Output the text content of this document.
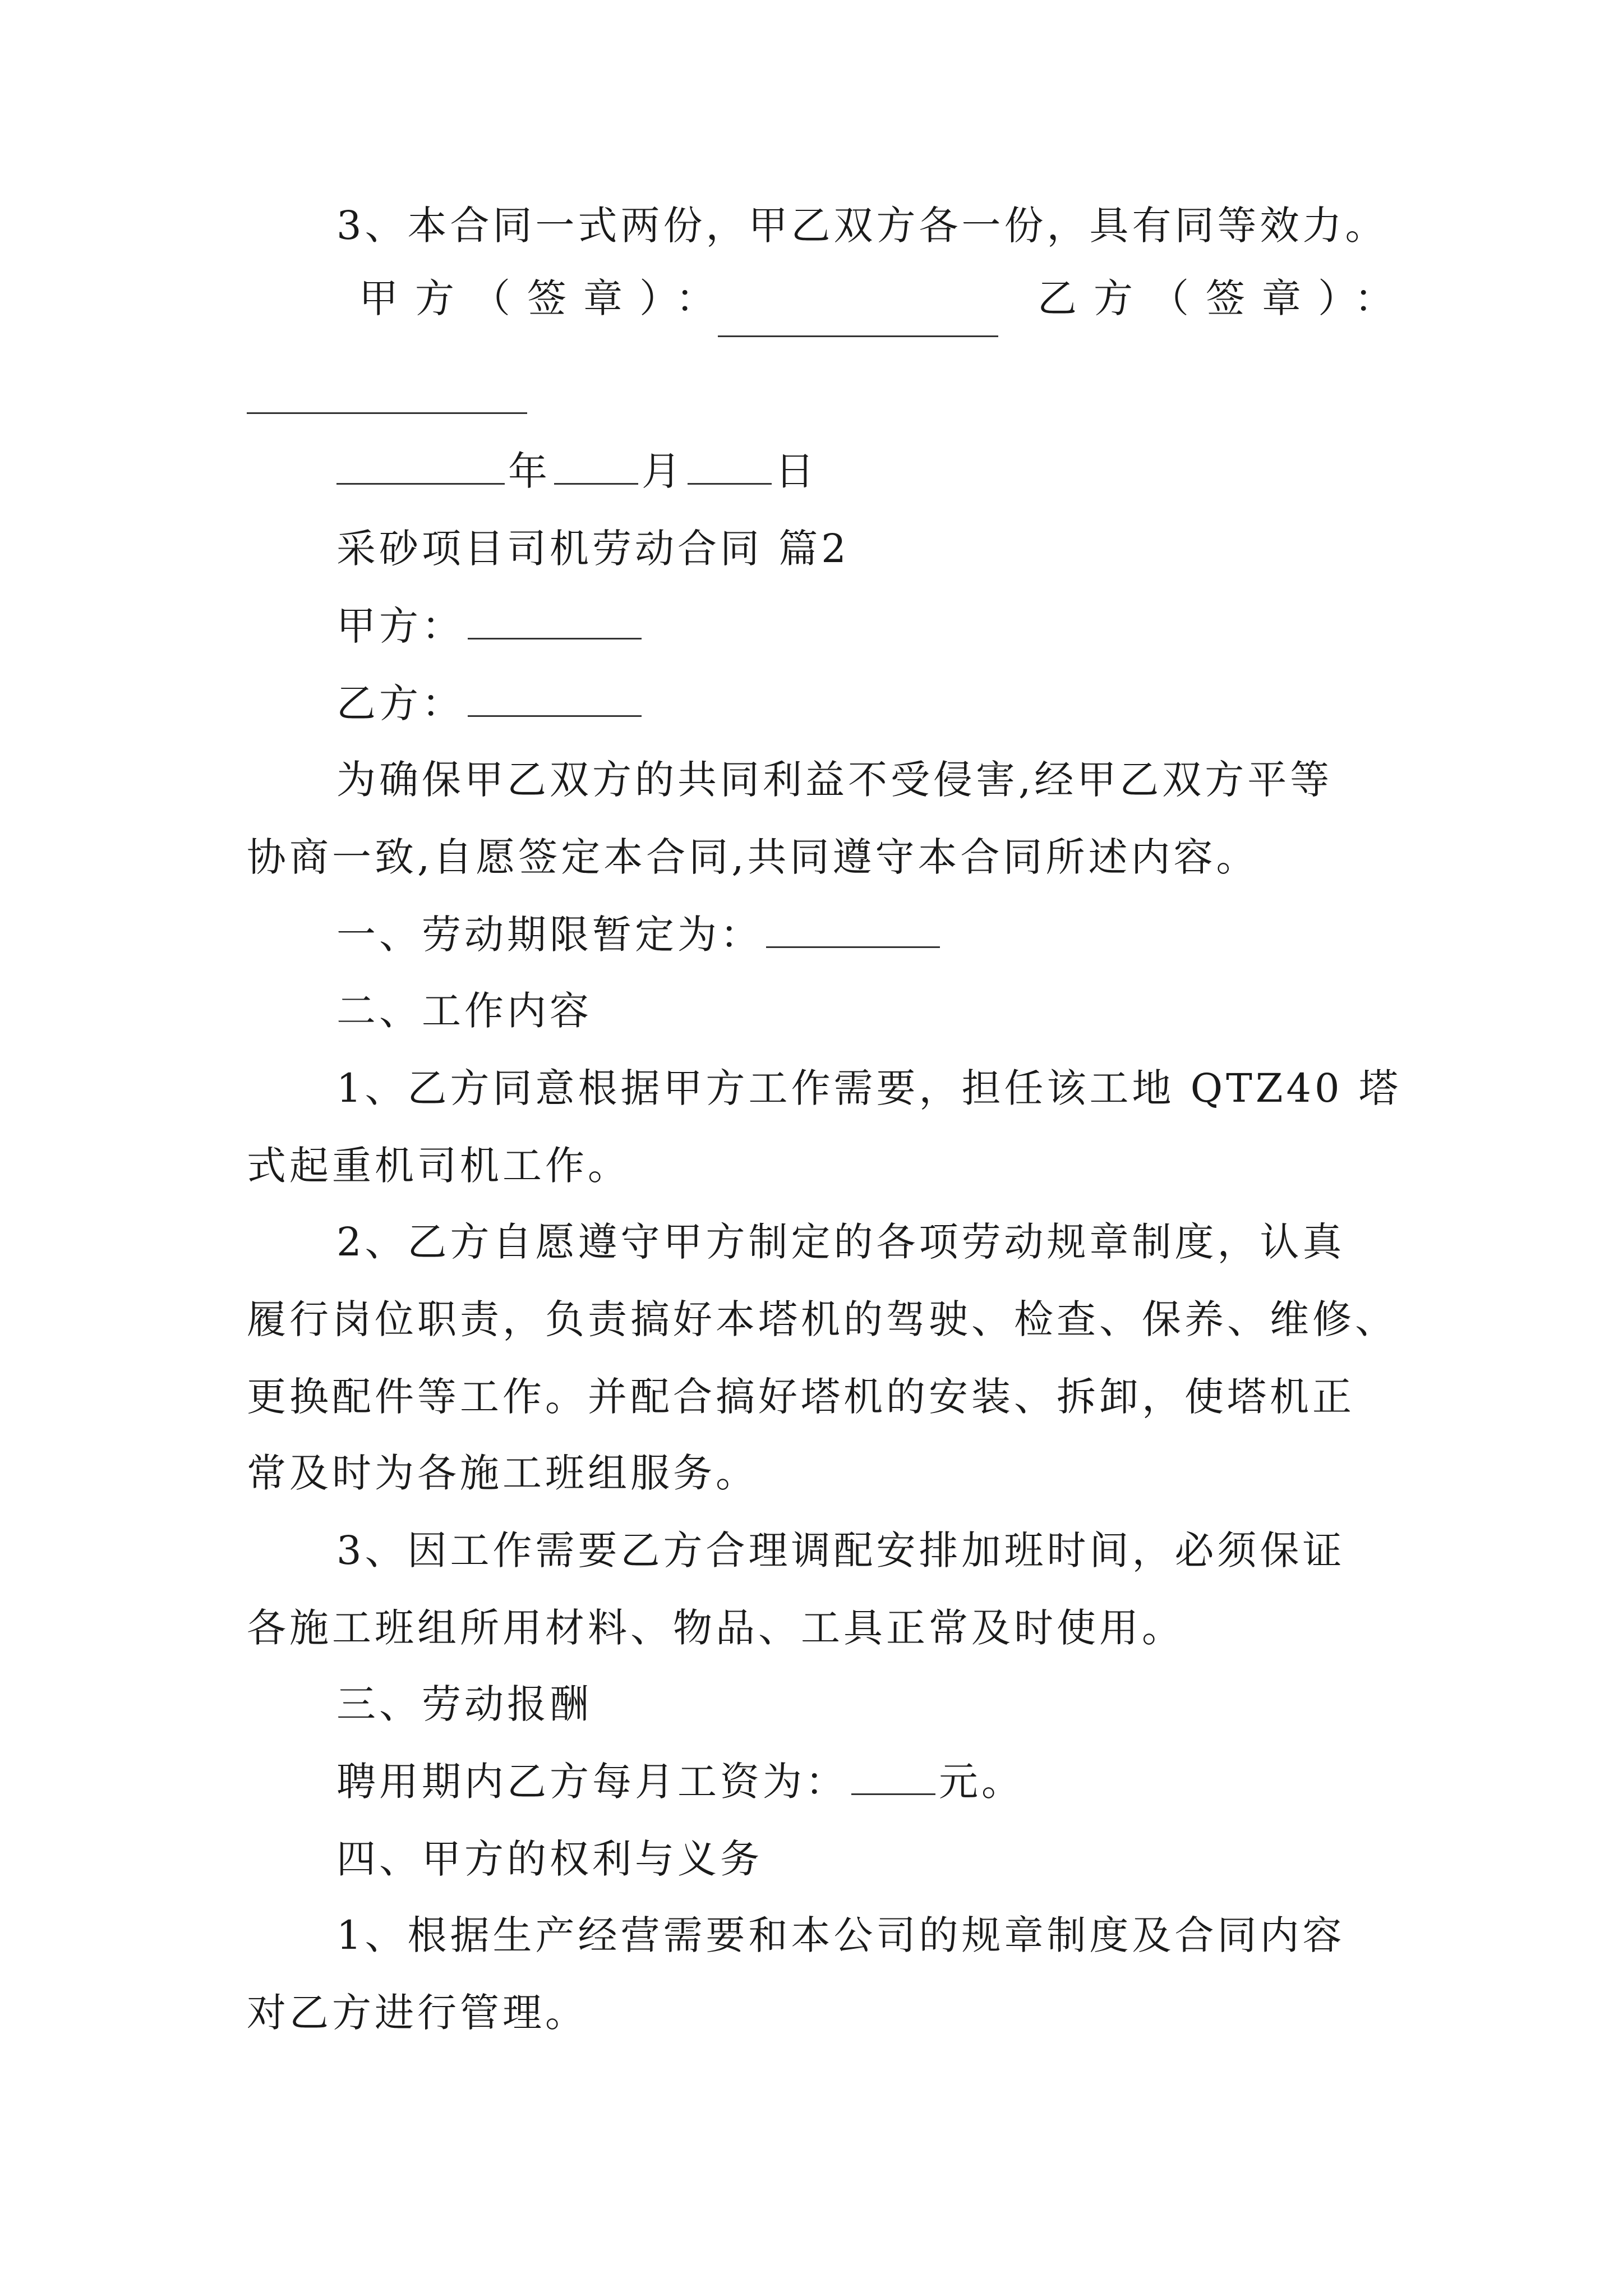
3、本合同一式两份，甲乙双方各一份，具有同等效力。
甲方（签章）：	乙方（签章）：
年 月 日
采砂项目司机劳动合同 篇2
甲方：
乙方：
为确保甲乙双方的共同利益不受侵害,经甲乙双方平等
协商一致,自愿签定本合同,共同遵守本合同所述内容。
一、劳动期限暂定为：
二、工作内容
1、乙方同意根据甲方工作需要，担任该工地 QTZ40 塔
式起重机司机工作。
2、乙方自愿遵守甲方制定的各项劳动规章制度，认真
履行岗位职责，负责搞好本塔机的驾驶、检查、保养、维修、
更换配件等工作。并配合搞好塔机的安装、拆卸，使塔机正
常及时为各施工班组服务。
3、因工作需要乙方合理调配安排加班时间，必须保证
各施工班组所用材料、物品、工具正常及时使用。
三、劳动报酬
聘用期内乙方每月工资为： 元。
四、甲方的权利与义务
1、根据生产经营需要和本公司的规章制度及合同内容
对乙方进行管理。
